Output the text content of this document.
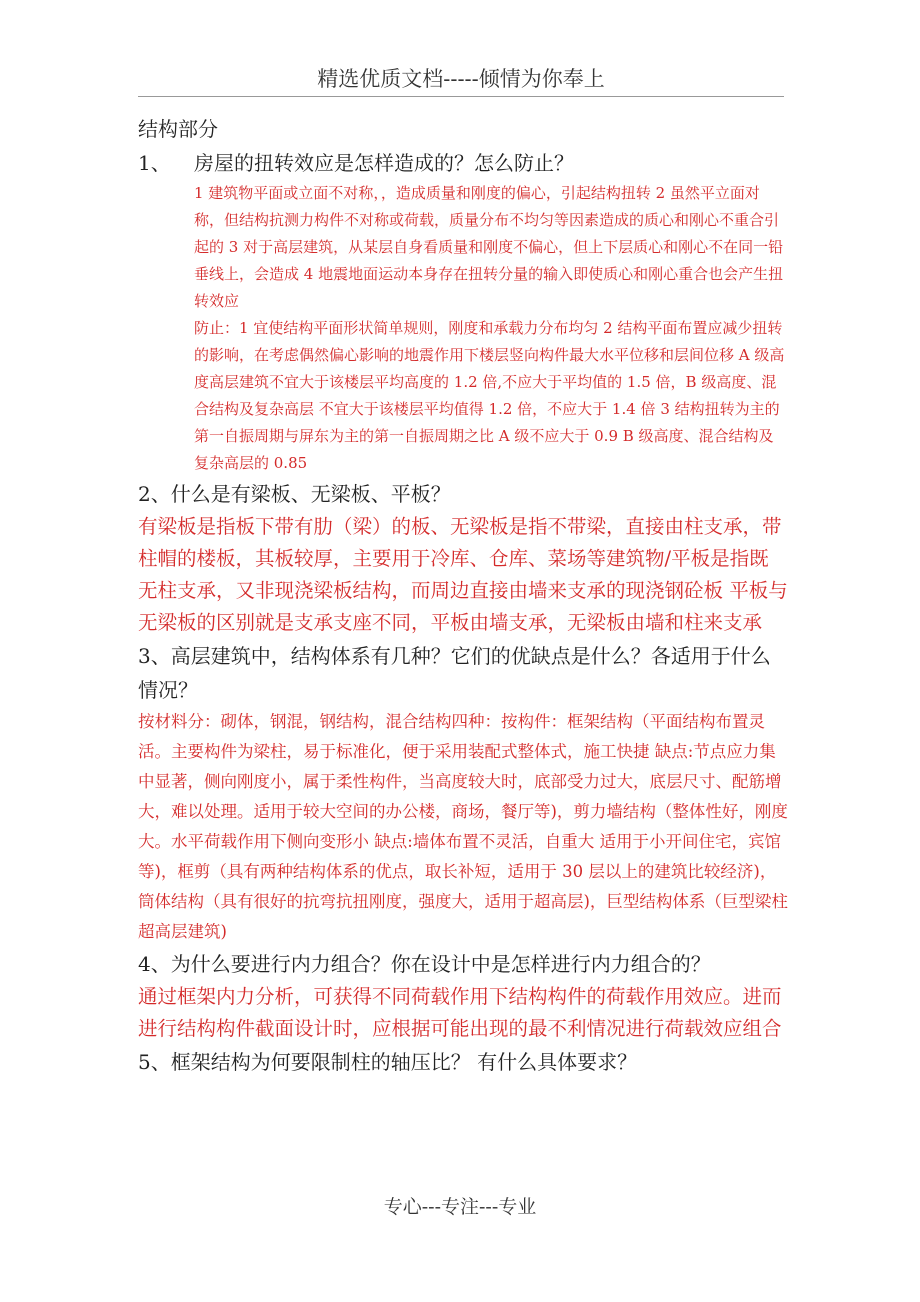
精选优质文档-----倾情为你奉上

结构部分

1、	房屋的扭转效应是怎样造成的？怎么防止？

1 建筑物平面或立面不对称，，造成质量和刚度的偏心，引起结构扭转 2 虽然平立面对称，但结构抗测力构件不对称或荷载，质量分布不均匀等因素造成的质心和刚心不重合引起的 3 对于高层建筑，从某层自身看质量和刚度不偏心，但上下层质心和刚心不在同一铅垂线上，会造成 4 地震地面运动本身存在扭转分量的输入即使质心和刚心重合也会产生扭转效应

防止：1 宜使结构平面形状简单规则，刚度和承载力分布均匀 2 结构平面布置应减少扭转的影响，在考虑偶然偏心影响的地震作用下楼层竖向构件最大水平位移和层间位移 A 级高度高层建筑不宜大于该楼层平均高度的 1.2 倍,不应大于平均值的 1.5 倍，B 级高度、混合结构及复杂高层 不宜大于该楼层平均值得 1.2 倍，不应大于 1.4 倍 3 结构扭转为主的第一自振周期与屏东为主的第一自振周期之比 A 级不应大于 0.9 B 级高度、混合结构及复杂高层的 0.85

2、什么是有梁板、无梁板、平板？

有梁板是指板下带有肋（梁）的板、无梁板是指不带梁，直接由柱支承，带柱帽的楼板，其板较厚，主要用于冷库、仓库、菜场等建筑物/平板是指既无柱支承，又非现浇梁板结构，而周边直接由墙来支承的现浇钢砼板 平板与无梁板的区别就是支承支座不同，平板由墙支承，无梁板由墙和柱来支承

3、高层建筑中，结构体系有几种？它们的优缺点是什么？各适用于什么情况？

按材料分：砌体，钢混，钢结构，混合结构四种：按构件：框架结构（平面结构布置灵活。主要构件为梁柱，易于标准化，便于采用装配式整体式，施工快捷 缺点:节点应力集中显著，侧向刚度小，属于柔性构件，当高度较大时，底部受力过大，底层尺寸、配筋增大，难以处理。适用于较大空间的办公楼，商场，餐厅等)，剪力墙结构（整体性好，刚度大。水平荷载作用下侧向变形小 缺点:墙体布置不灵活，自重大 适用于小开间住宅，宾馆等)，框剪（具有两种结构体系的优点，取长补短，适用于 30 层以上的建筑比较经济)，筒体结构（具有很好的抗弯抗扭刚度，强度大，适用于超高层)，巨型结构体系（巨型梁柱 超高层建筑)

4、为什么要进行内力组合？你在设计中是怎样进行内力组合的？

通过框架内力分析，可获得不同荷载作用下结构构件的荷载作用效应。进而进行结构构件截面设计时，应根据可能出现的最不利情况进行荷载效应组合

5、框架结构为何要限制柱的轴压比？ 有什么具体要求？

专心---专注---专业
